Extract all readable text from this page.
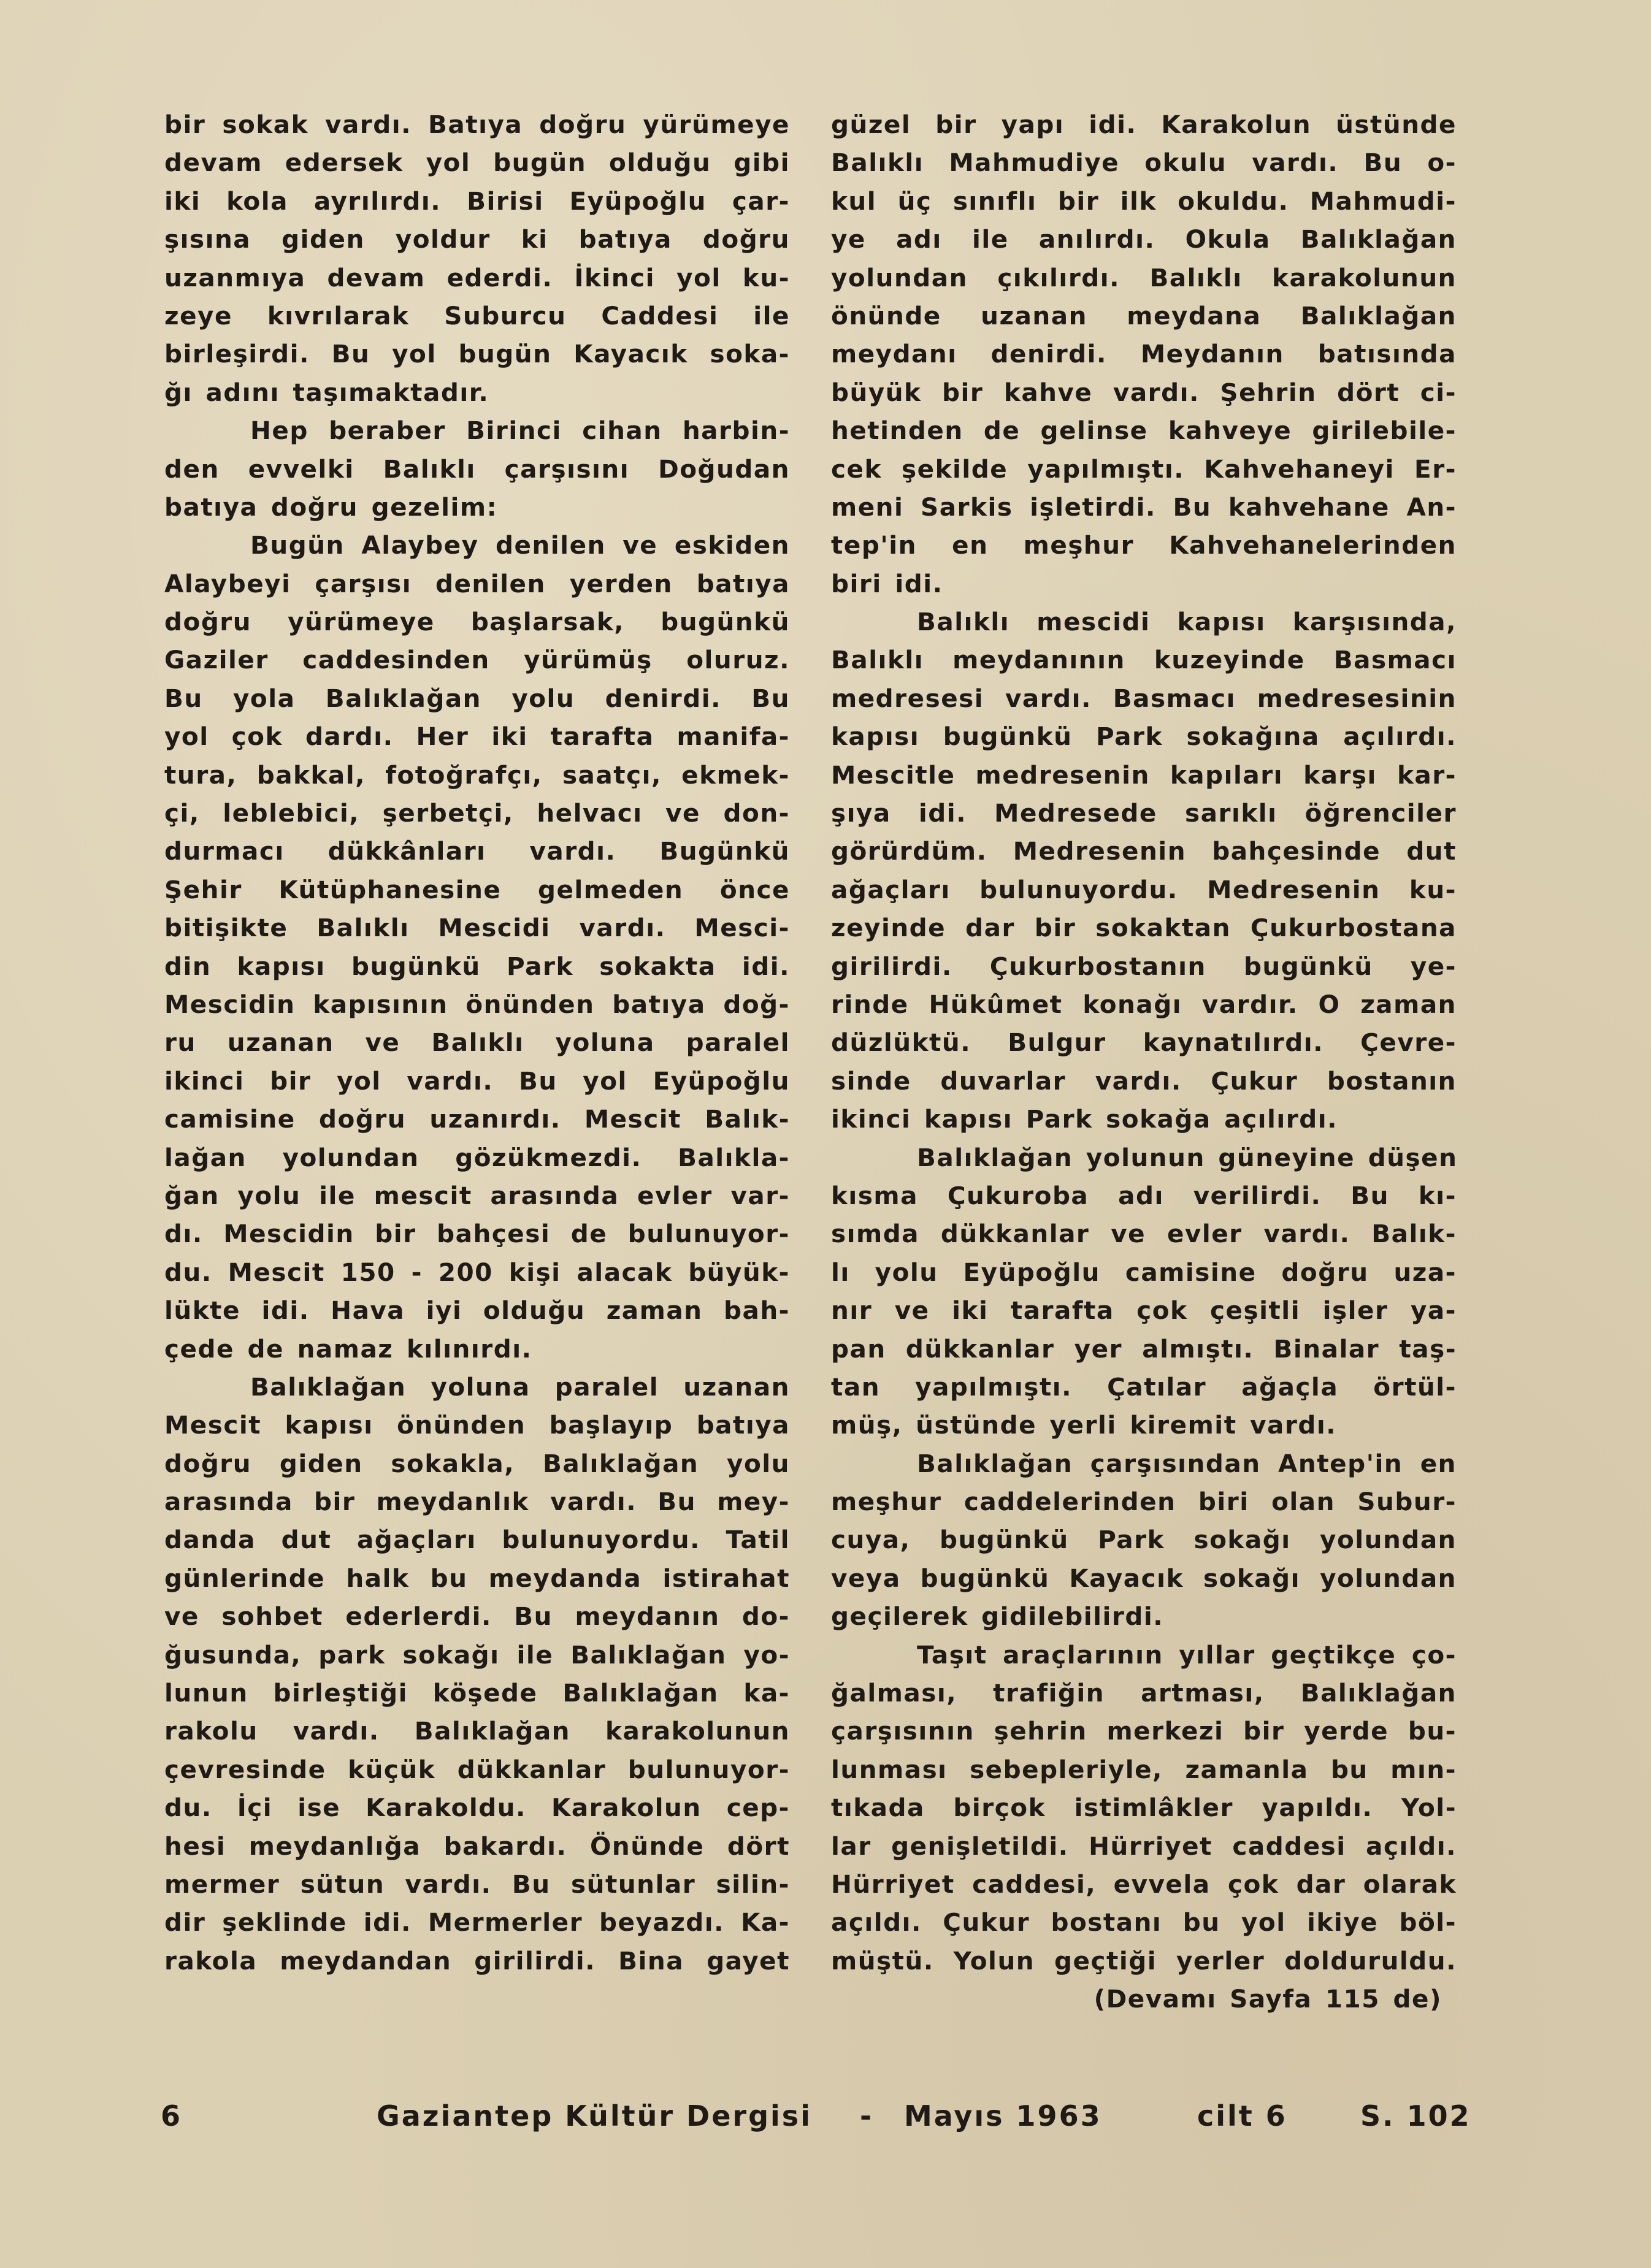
bir sokak vardı. Batıya doğru yürümeye
devam edersek yol bugün olduğu gibi
iki kola ayrılırdı. Birisi Eyüpoğlu çar-
şısına giden yoldur ki batıya doğru
uzanmıya devam ederdi. İkinci yol ku-
zeye kıvrılarak Suburcu Caddesi ile
birleşirdi. Bu yol bugün Kayacık soka-
ğı adını taşımaktadır.
Hep beraber Birinci cihan harbin-
den evvelki Balıklı çarşısını Doğudan
batıya doğru gezelim:
Bugün Alaybey denilen ve eskiden
Alaybeyi çarşısı denilen yerden batıya
doğru yürümeye başlarsak, bugünkü
Gaziler caddesinden yürümüş oluruz.
Bu yola Balıklağan yolu denirdi. Bu
yol çok dardı. Her iki tarafta manifa-
tura, bakkal, fotoğrafçı, saatçı, ekmek-
çi, leblebici, şerbetçi, helvacı ve don-
durmacı dükkânları vardı. Bugünkü
Şehir Kütüphanesine gelmeden önce
bitişikte Balıklı Mescidi vardı. Mesci-
din kapısı bugünkü Park sokakta idi.
Mescidin kapısının önünden batıya doğ-
ru uzanan ve Balıklı yoluna paralel
ikinci bir yol vardı. Bu yol Eyüpoğlu
camisine doğru uzanırdı. Mescit Balık-
lağan yolundan gözükmezdi. Balıkla-
ğan yolu ile mescit arasında evler var-
dı. Mescidin bir bahçesi de bulunuyor-
du. Mescit 150 - 200 kişi alacak büyük-
lükte idi. Hava iyi olduğu zaman bah-
çede de namaz kılınırdı.
Balıklağan yoluna paralel uzanan
Mescit kapısı önünden başlayıp batıya
doğru giden sokakla, Balıklağan yolu
arasında bir meydanlık vardı. Bu mey-
danda dut ağaçları bulunuyordu. Tatil
günlerinde halk bu meydanda istirahat
ve sohbet ederlerdi. Bu meydanın do-
ğusunda, park sokağı ile Balıklağan yo-
lunun birleştiği köşede Balıklağan ka-
rakolu vardı. Balıklağan karakolunun
çevresinde küçük dükkanlar bulunuyor-
du. İçi ise Karakoldu. Karakolun cep-
hesi meydanlığa bakardı. Önünde dört
mermer sütun vardı. Bu sütunlar silin-
dir şeklinde idi. Mermerler beyazdı. Ka-
rakola meydandan girilirdi. Bina gayet
güzel bir yapı idi. Karakolun üstünde
Balıklı Mahmudiye okulu vardı. Bu o-
kul üç sınıflı bir ilk okuldu. Mahmudi-
ye adı ile anılırdı. Okula Balıklağan
yolundan çıkılırdı. Balıklı karakolunun
önünde uzanan meydana Balıklağan
meydanı denirdi. Meydanın batısında
büyük bir kahve vardı. Şehrin dört ci-
hetinden de gelinse kahveye girilebile-
cek şekilde yapılmıştı. Kahvehaneyi Er-
meni Sarkis işletirdi. Bu kahvehane An-
tep'in en meşhur Kahvehanelerinden
biri idi.
Balıklı mescidi kapısı karşısında,
Balıklı meydanının kuzeyinde Basmacı
medresesi vardı. Basmacı medresesinin
kapısı bugünkü Park sokağına açılırdı.
Mescitle medresenin kapıları karşı kar-
şıya idi. Medresede sarıklı öğrenciler
görürdüm. Medresenin bahçesinde dut
ağaçları bulunuyordu. Medresenin ku-
zeyinde dar bir sokaktan Çukurbostana
girilirdi. Çukurbostanın bugünkü ye-
rinde Hükûmet konağı vardır. O zaman
düzlüktü. Bulgur kaynatılırdı. Çevre-
sinde duvarlar vardı. Çukur bostanın
ikinci kapısı Park sokağa açılırdı.
Balıklağan yolunun güneyine düşen
kısma Çukuroba adı verilirdi. Bu kı-
sımda dükkanlar ve evler vardı. Balık-
lı yolu Eyüpoğlu camisine doğru uza-
nır ve iki tarafta çok çeşitli işler ya-
pan dükkanlar yer almıştı. Binalar taş-
tan yapılmıştı. Çatılar ağaçla örtül-
müş, üstünde yerli kiremit vardı.
Balıklağan çarşısından Antep'in en
meşhur caddelerinden biri olan Subur-
cuya, bugünkü Park sokağı yolundan
veya bugünkü Kayacık sokağı yolundan
geçilerek gidilebilirdi.
Taşıt araçlarının yıllar geçtikçe ço-
ğalması, trafiğin artması, Balıklağan
çarşısının şehrin merkezi bir yerde bu-
lunması sebepleriyle, zamanla bu mın-
tıkada birçok istimlâkler yapıldı. Yol-
lar genişletildi. Hürriyet caddesi açıldı.
Hürriyet caddesi, evvela çok dar olarak
açıldı. Çukur bostanı bu yol ikiye böl-
müştü. Yolun geçtiği yerler dolduruldu.
(Devamı Sayfa 115 de)
6	Gaziantep Kültür Dergisi - Mayıs 1963	cilt 6	S. 102
